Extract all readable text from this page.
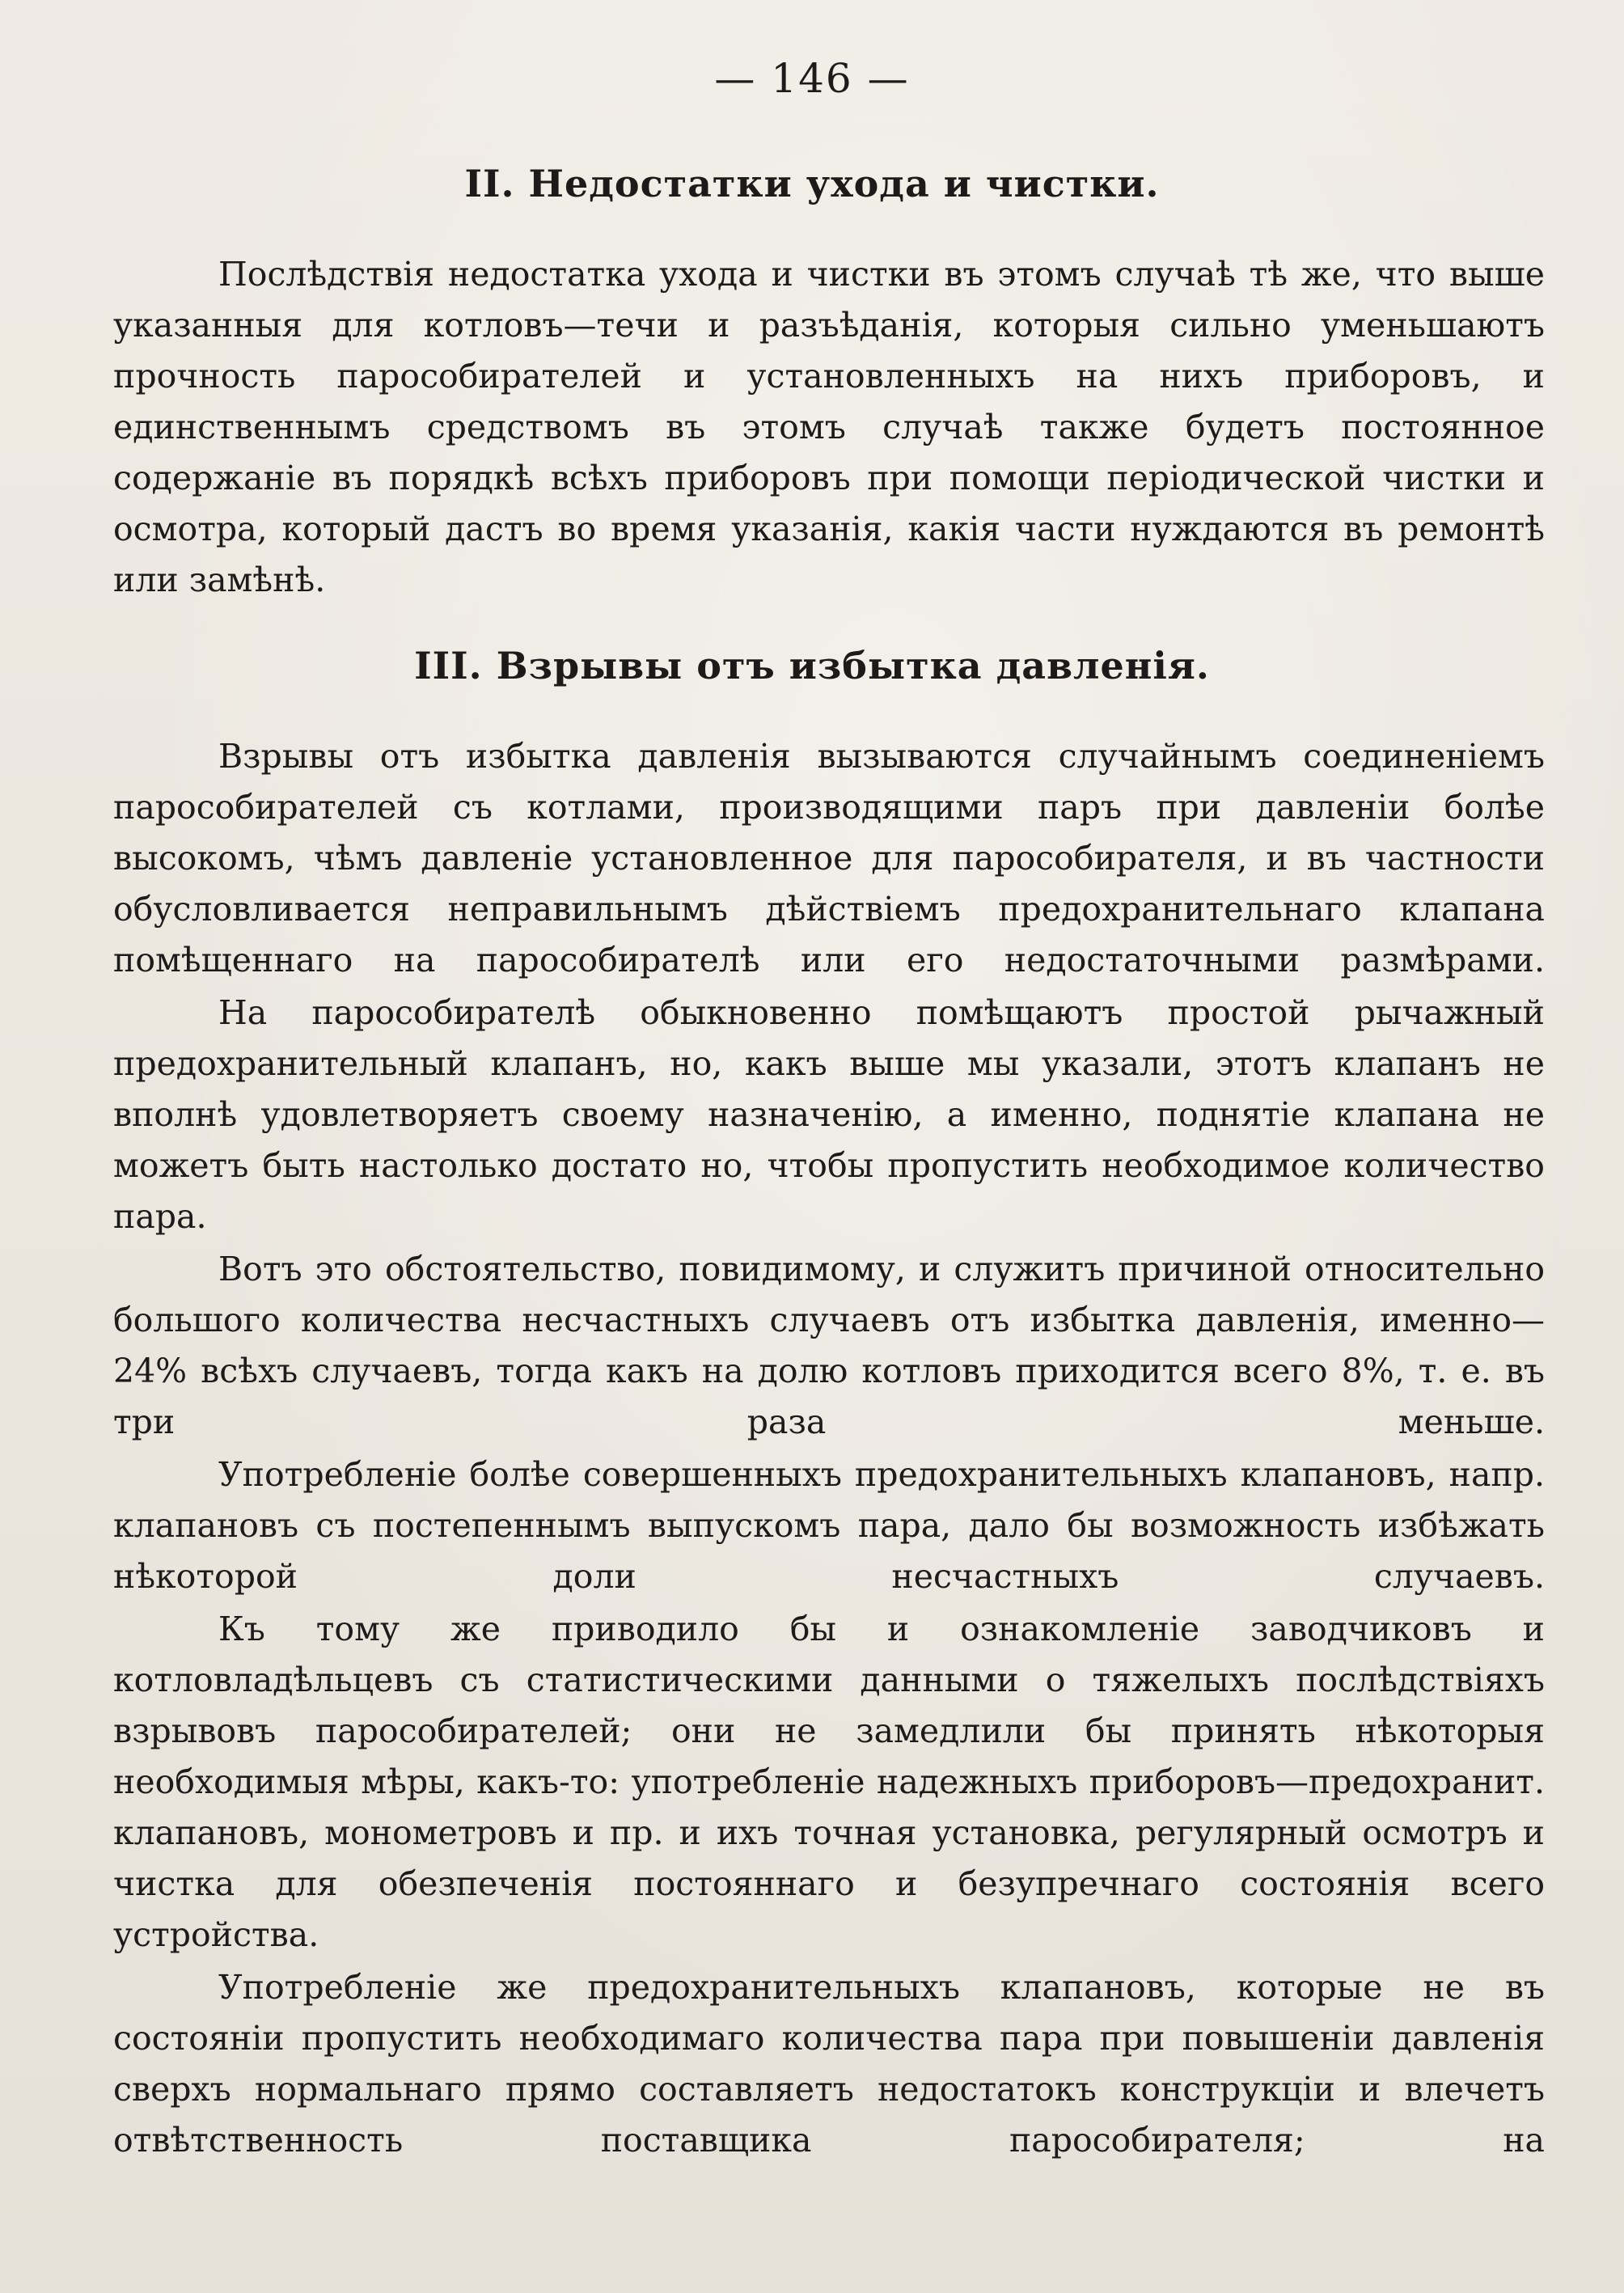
— 146 —
II. Недостатки ухода и чистки.

Послѣдствія недостатка ухода и чистки въ этомъ случаѣ тѣ же, что выше указанныя для котловъ—течи и разъѣданія, которыя сильно уменьшаютъ прочность паpособирателей и установленныхъ на нихъ приборовъ, и единственнымъ средствомъ въ этомъ случаѣ также будетъ постоянное содержаніе въ порядкѣ всѣхъ приборовъ при помощи періодической чистки и осмотра, который дастъ во время указанія, какія части нуждаются въ ремонтѣ или замѣнѣ.

III. Взрывы отъ избытка давленія.

Взрывы отъ избытка давленія вызываются случайнымъ соединеніемъ паpособирателей съ котлами, производящими паръ при давленіи болѣе высокомъ, чѣмъ давленіе установленное для паpособирателя, и въ частности обусловливается неправильнымъ дѣйствіемъ предохранительнаго клапана помѣщеннаго на паpособирателѣ или его недостаточными размѣрами.

На паpособирателѣ обыкновенно помѣщаютъ простой рычажный предохранительный клапанъ, но, какъ выше мы указали, этотъ клапанъ не вполнѣ удовлетворяетъ своему назначенію, а именно, поднятіе клапана не можетъ быть настолько достато но, чтобы пропустить необходимое количество пара.

Вотъ это обстоятельство, повидимому, и служитъ причиной относительно большого количества несчастныхъ случаевъ отъ избытка давленія, именно—24% всѣхъ случаевъ, тогда какъ на долю котловъ приходится всего 8%, т. е. въ три раза меньше.

Употребленіе болѣе совершенныхъ предохранительныхъ клапановъ, напр. клапановъ съ постепеннымъ выпускомъ пара, дало бы возможность избѣжать нѣкоторой доли несчастныхъ случаевъ.

Къ тому же приводило бы и ознакомленіе заводчиковъ и котловладѣльцевъ съ статистическими данными о тяжелыхъ послѣдствіяхъ взрывовъ паpособирателей; они не замедлили бы принять нѣкоторыя необходимыя мѣры, какъ-то: употребленіе надежныхъ приборовъ—предохранит. клапановъ, монометровъ и пр. и ихъ точная установка, регулярный осмотръ и чистка для обезпеченія постояннаго и безупречнаго состоянія всего устройства.

Употребленіе же предохранительныхъ клапановъ, которые не въ состояніи пропустить необходимаго количества пара при повышеніи давленія сверхъ нормальнаго прямо составляетъ недостатокъ конструкціи и влечетъ отвѣтственность поставщика паpособирателя; на
